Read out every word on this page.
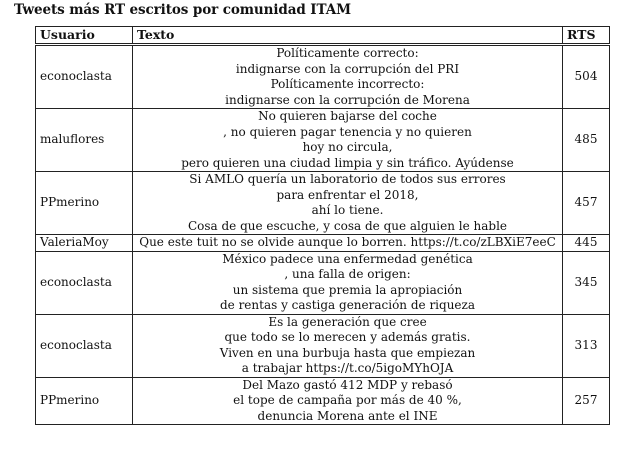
Tweets más RT escritos por comunidad ITAM
Usuario	Texto	RTS
econoclasta	Políticamente correcto:
indignarse con la corrupción del PRI
Políticamente incorrecto:
indignarse con la corrupción de Morena	504
maluflores	No quieren bajarse del coche
, no quieren pagar tenencia y no quieren
hoy no circula,
pero quieren una ciudad limpia y sin tráfico. Ayúdense	485
PPmerino	Si AMLO quería un laboratorio de todos sus errores
para enfrentar el 2018,
ahí lo tiene.
Cosa de que escuche, y cosa de que alguien le hable	457
ValeriaMoy	Que este tuit no se olvide aunque lo borren. https://t.co/zLBXiE7eeC	445
econoclasta	México padece una enfermedad genética
, una falla de origen:
un sistema que premia la apropiación
de rentas y castiga generación de riqueza	345
econoclasta	Es la generación que cree
que todo se lo merecen y además gratis.
Viven en una burbuja hasta que empiezan
a trabajar https://t.co/5igoMYhOJA	313
PPmerino	Del Mazo gastó 412 MDP y rebasó
el tope de campaña por más de 40 %,
denuncia Morena ante el INE	257
